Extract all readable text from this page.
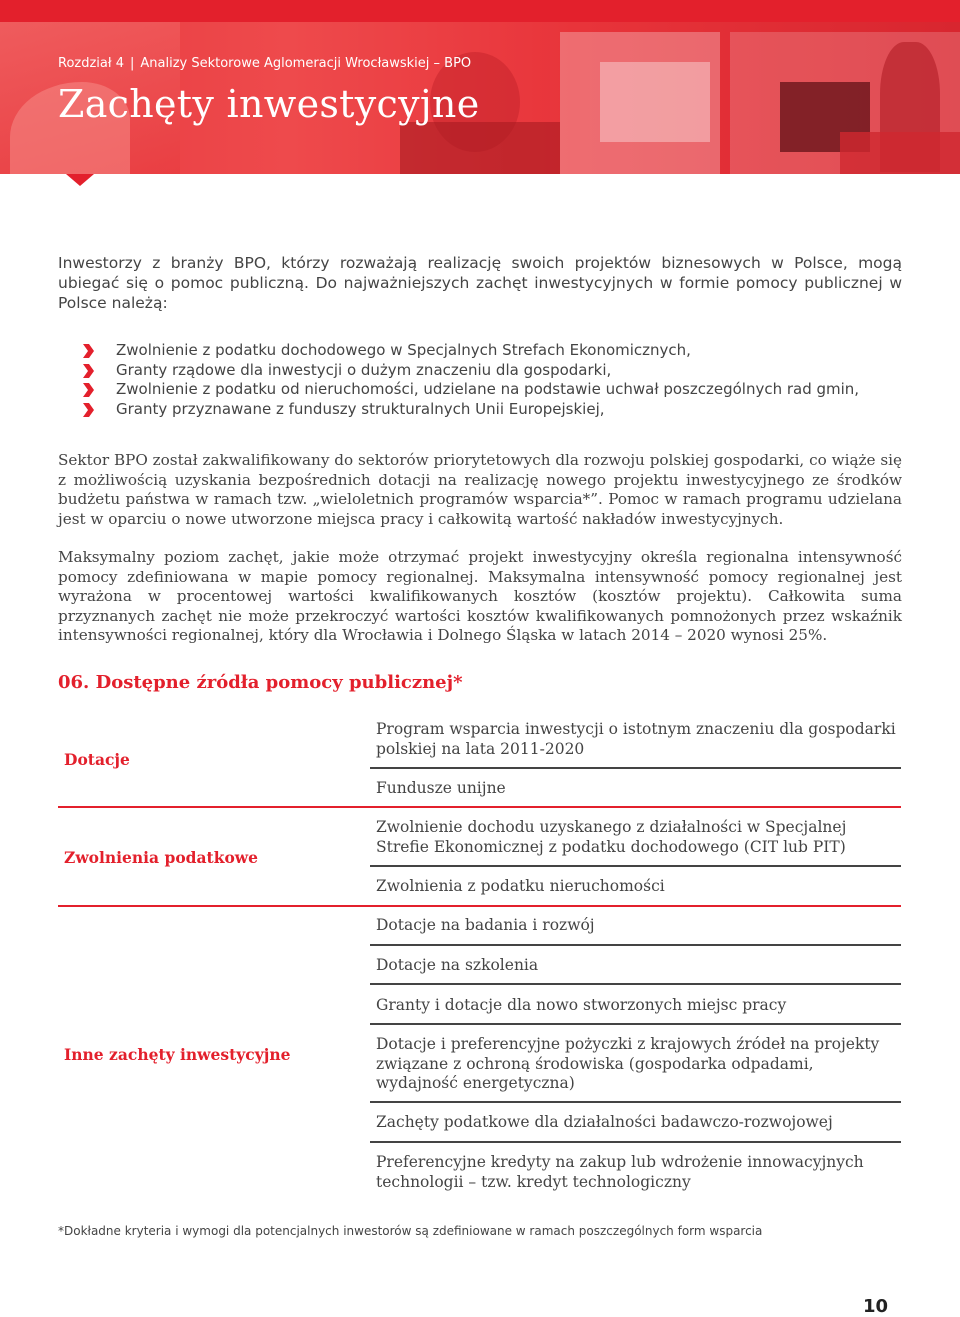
Rozdział 4 | Analizy Sektorowe Aglomeracji Wrocławskiej – BPO
Zachęty inwestycyjne

Inwestorzy z branży BPO, którzy rozważają realizację swoich projektów biznesowych w Polsce, mogą ubiegać się o pomoc publiczną. Do najważniejszych zachęt inwestycyjnych w formie pomocy publicznej w Polsce należą:

Zwolnienie z podatku dochodowego w Specjalnych Strefach Ekonomicznych,
Granty rządowe dla inwestycji o dużym znaczeniu dla gospodarki,
Zwolnienie z podatku od nieruchomości, udzielane na podstawie uchwał poszczególnych rad gmin,
Granty przyznawane z funduszy strukturalnych Unii Europejskiej,

Sektor BPO został zakwalifikowany do sektorów priorytetowych dla rozwoju polskiej gospodarki, co wiąże się z możliwością uzyskania bezpośrednich dotacji na realizację nowego projektu inwestycyjnego ze środków budżetu państwa w ramach tzw. „wieloletnich programów wsparcia*”. Pomoc w ramach programu udzielana jest w oparciu o nowe utworzone miejsca pracy i całkowitą wartość nakładów inwestycyjnych.

Maksymalny poziom zachęt, jakie może otrzymać projekt inwestycyjny określa regionalna intensywność pomocy zdefiniowana w mapie pomocy regionalnej. Maksymalna intensywność pomocy regionalnej jest wyrażona w procentowej wartości kwalifikowanych kosztów (kosztów projektu). Całkowita suma przyznanych zachęt nie może przekroczyć wartości kosztów kwalifikowanych pomnożonych przez wskaźnik intensywności regionalnej, który dla Wrocławia i Dolnego Śląska w latach 2014 – 2020 wynosi 25%.

06. Dostępne źródła pomocy publicznej*
Dotacje

Program wsparcia inwestycji o istotnym znaczeniu dla gospodarki polskiej na lata 2011-2020

Fundusze unijne

Zwolnienia podatkowe

Zwolnienie dochodu uzyskanego z działalności w Specjalnej Strefie Ekonomicznej z podatku dochodowego (CIT lub PIT)

Zwolnienia z podatku nieruchomości

Inne zachęty inwestycyjne

Dotacje na badania i rozwój

Dotacje na szkolenia

Granty i dotacje dla nowo stworzonych miejsc pracy

Dotacje i preferencyjne pożyczki z krajowych źródeł na projekty związane z ochroną środowiska (gospodarka odpadami, wydajność energetyczna)

Zachęty podatkowe dla działalności badawczo-rozwojowej

Preferencyjne kredyty na zakup lub wdrożenie innowacyjnych technologii – tzw. kredyt technologiczny

*Dokładne kryteria i wymogi dla potencjalnych inwestorów są zdefiniowane w ramach poszczególnych form wsparcia

10
